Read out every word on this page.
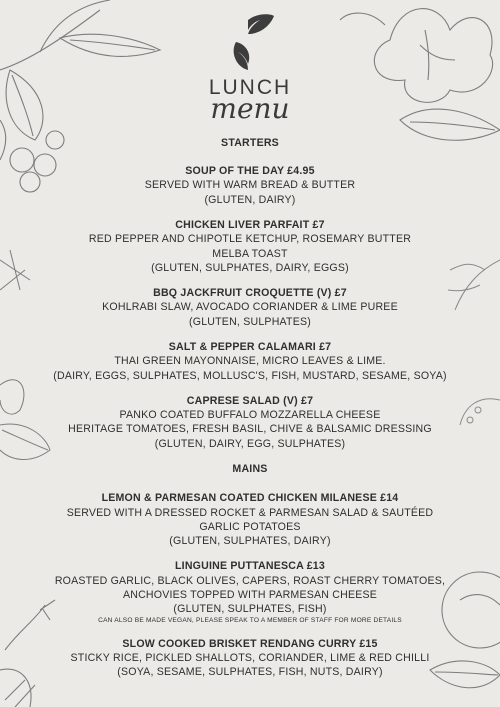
LUNCH
menu
STARTERS
SOUP OF THE DAY £4.95
SERVED WITH WARM BREAD & BUTTER
(GLUTEN, DAIRY)
CHICKEN LIVER PARFAIT £7
RED PEPPER AND CHIPOTLE KETCHUP, ROSEMARY BUTTER
MELBA TOAST
(GLUTEN, SULPHATES, DAIRY, EGGS)
BBQ JACKFRUIT CROQUETTE (V) £7
KOHLRABI SLAW, AVOCADO CORIANDER & LIME PUREE
(GLUTEN, SULPHATES)
SALT & PEPPER CALAMARI £7
THAI GREEN MAYONNAISE, MICRO LEAVES & LIME.
(DAIRY, EGGS, SULPHATES, MOLLUSC'S, FISH, MUSTARD, SESAME, SOYA)
CAPRESE SALAD (V) £7
PANKO COATED BUFFALO MOZZARELLA CHEESE
HERITAGE TOMATOES, FRESH BASIL, CHIVE & BALSAMIC DRESSING
(GLUTEN, DAIRY, EGG, SULPHATES)
MAINS
LEMON & PARMESAN COATED CHICKEN MILANESE £14
SERVED WITH A DRESSED ROCKET & PARMESAN SALAD & SAUTÉED
GARLIC POTATOES
(GLUTEN, SULPHATES, DAIRY)
LINGUINE PUTTANESCA £13
ROASTED GARLIC, BLACK OLIVES, CAPERS, ROAST CHERRY TOMATOES,
ANCHOVIES TOPPED WITH PARMESAN CHEESE
(GLUTEN, SULPHATES, FISH)
CAN ALSO BE MADE VEGAN, PLEASE SPEAK TO A MEMBER OF STAFF FOR MORE DETAILS
SLOW COOKED BRISKET RENDANG CURRY £15
STICKY RICE, PICKLED SHALLOTS, CORIANDER, LIME & RED CHILLI
(SOYA, SESAME, SULPHATES, FISH, NUTS, DAIRY)
